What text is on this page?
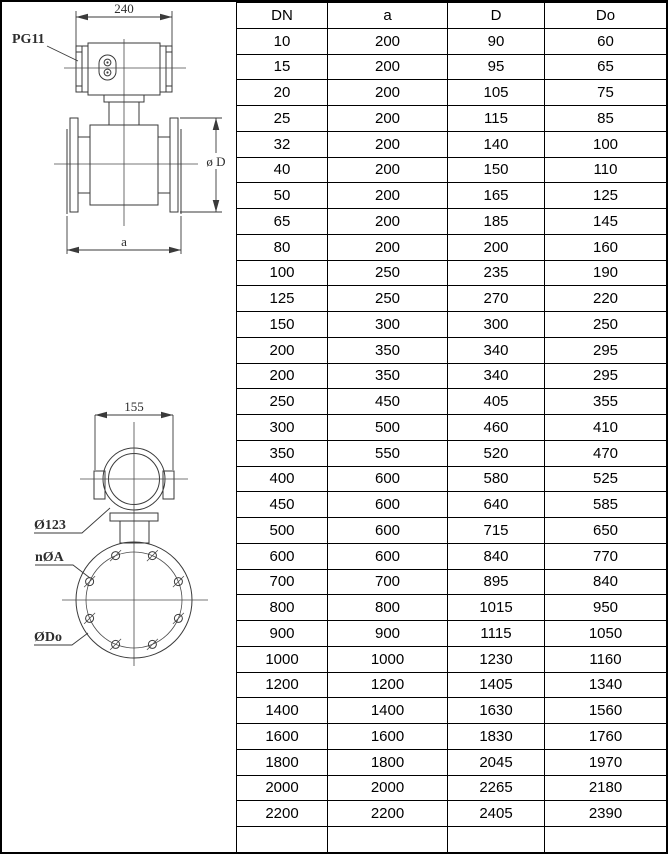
240
PG11
ø D
a
155
Ø123
nØA
ØDo
DN	a	D	Do
10	200	90	60
15	200	95	65
20	200	105	75
25	200	115	85
32	200	140	100
40	200	150	110
50	200	165	125
65	200	185	145
80	200	200	160
100	250	235	190
125	250	270	220
150	300	300	250
200	350	340	295
200	350	340	295
250	450	405	355
300	500	460	410
350	550	520	470
400	600	580	525
450	600	640	585
500	600	715	650
600	600	840	770
700	700	895	840
800	800	1015	950
900	900	1115	1050
1000	1000	1230	1160
1200	1200	1405	1340
1400	1400	1630	1560
1600	1600	1830	1760
1800	1800	2045	1970
2000	2000	2265	2180
2200	2200	2405	2390
